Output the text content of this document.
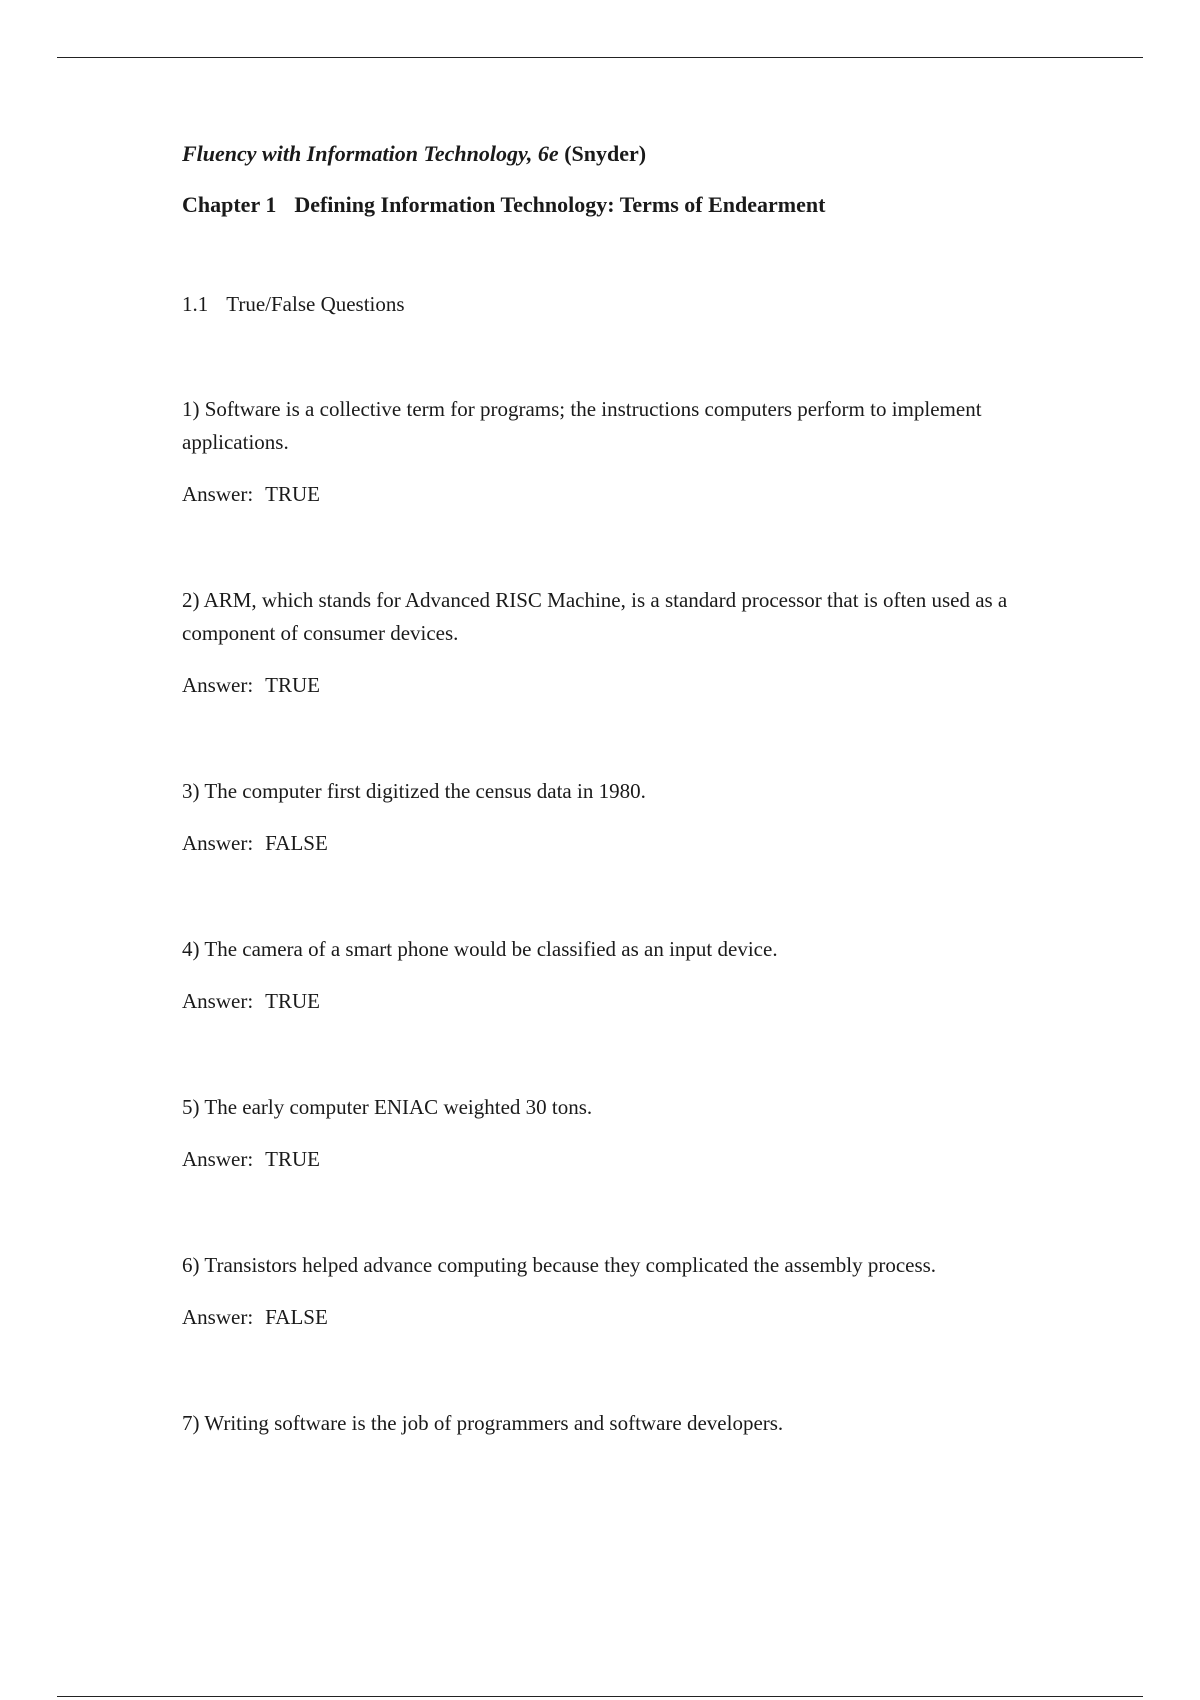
Fluency with Information Technology, 6e (Snyder)

Chapter 1 Defining Information Technology: Terms of Endearment

1.1 True/False Questions

1) Software is a collective term for programs; the instructions computers perform to implement applications.

Answer: TRUE

2) ARM, which stands for Advanced RISC Machine, is a standard processor that is often used as a component of consumer devices.

Answer: TRUE

3) The computer first digitized the census data in 1980.

Answer: FALSE

4) The camera of a smart phone would be classified as an input device.

Answer: TRUE

5) The early computer ENIAC weighted 30 tons.

Answer: TRUE

6) Transistors helped advance computing because they complicated the assembly process.

Answer: FALSE

7) Writing software is the job of programmers and software developers.
